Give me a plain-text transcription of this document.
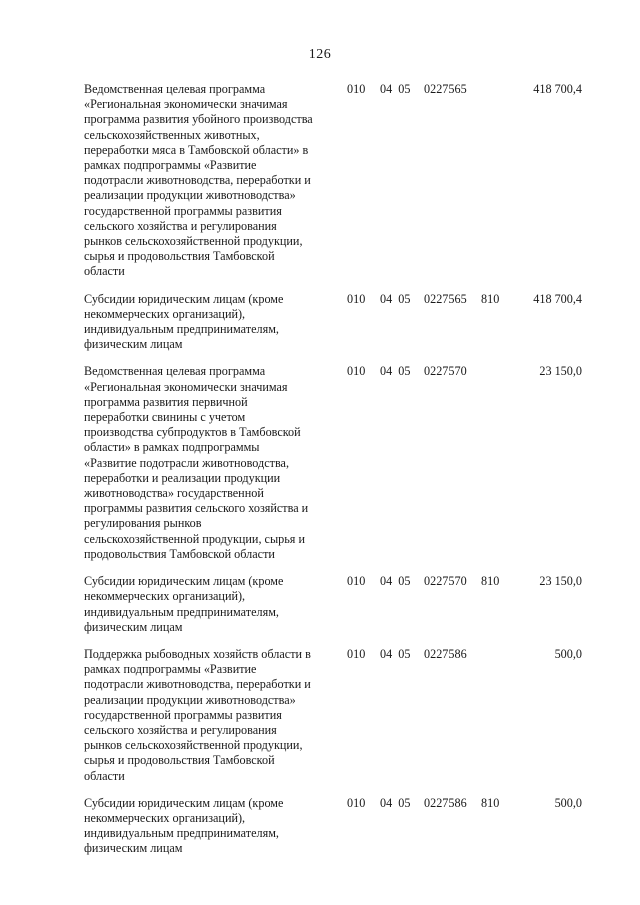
126
Ведомственная целевая программа
«Региональная экономически значимая
программа развития убойного производства
сельскохозяйственных животных,
переработки мяса в Тамбовской области» в
рамках подпрограммы «Развитие
подотрасли животноводства, переработки и
реализации продукции животноводства»
государственной программы развития
сельского хозяйства и регулирования
рынков сельскохозяйственной продукции,
сырья и продовольствия Тамбовской
области
010 04 05 0227565	418 700,4
Субсидии юридическим лицам (кроме
некоммерческих организаций),
индивидуальным предпринимателям,
физическим лицам
010 04 05 0227565 810	418 700,4
Ведомственная целевая программа
«Региональная экономически значимая
программа развития первичной
переработки свинины с учетом
производства субпродуктов в Тамбовской
области» в рамках подпрограммы
«Развитие подотрасли животноводства,
переработки и реализации продукции
животноводства» государственной
программы развития сельского хозяйства и
регулирования рынков
сельскохозяйственной продукции, сырья и
продовольствия Тамбовской области
010 04 05 0227570	23 150,0
Субсидии юридическим лицам (кроме
некоммерческих организаций),
индивидуальным предпринимателям,
физическим лицам
010 04 05 0227570 810	23 150,0
Поддержка рыбоводных хозяйств области в
рамках подпрограммы «Развитие
подотрасли животноводства, переработки и
реализации продукции животноводства»
государственной программы развития
сельского хозяйства и регулирования
рынков сельскохозяйственной продукции,
сырья и продовольствия Тамбовской
области
010 04 05 0227586	500,0
Субсидии юридическим лицам (кроме
некоммерческих организаций),
индивидуальным предпринимателям,
физическим лицам
010 04 05 0227586 810	500,0
